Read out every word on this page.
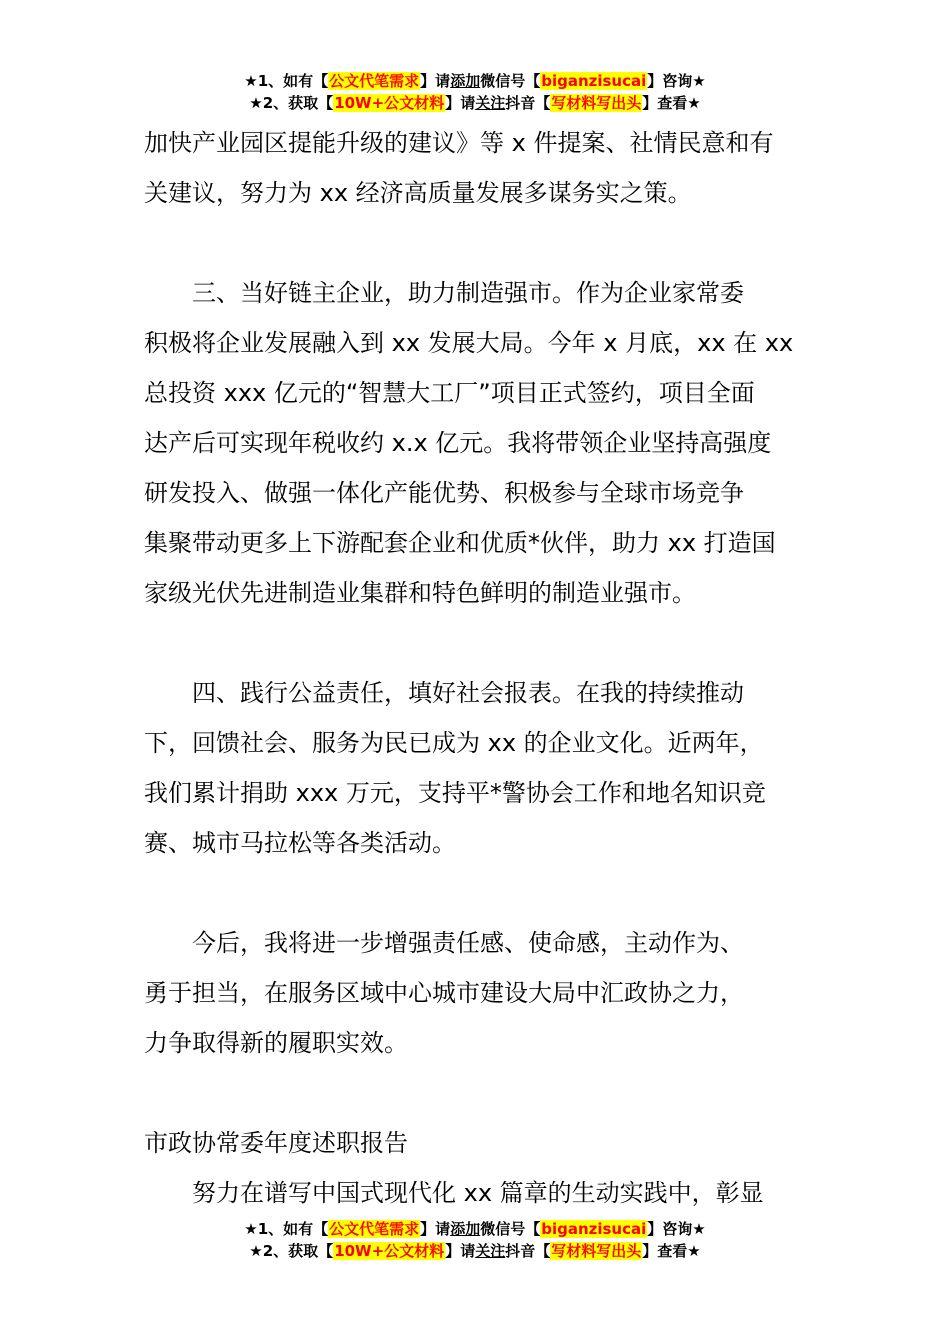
★1、如有【公文代笔需求】请添加微信号【biganzisucai】咨询★
★2、获取【10W+公文材料】请关注抖音【写材料写出头】查看★

加快产业园区提能升级的建议》等 x 件提案、社情民意和有

关建议，努力为 xx 经济高质量发展多谋务实之策。

　　三、当好链主企业，助力制造强市。作为企业家常委

积极将企业发展融入到 xx 发展大局。今年 x 月底，xx 在 xx

总投资 xxx 亿元的“智慧大工厂”项目正式签约，项目全面

达产后可实现年税收约 x.x 亿元。我将带领企业坚持高强度

研发投入、做强一体化产能优势、积极参与全球市场竞争

集聚带动更多上下游配套企业和优质*伙伴，助力 xx 打造国

家级光伏先进制造业集群和特色鲜明的制造业强市。

　　四、践行公益责任，填好社会报表。在我的持续推动

下，回馈社会、服务为民已成为 xx 的企业文化。近两年，

我们累计捐助 xxx 万元，支持平*警协会工作和地名知识竞

赛、城市马拉松等各类活动。

　　今后，我将进一步增强责任感、使命感，主动作为、

勇于担当，在服务区域中心城市建设大局中汇政协之力，

力争取得新的履职实效。

市政协常委年度述职报告

　　努力在谱写中国式现代化 xx 篇章的生动实践中，彰显

★1、如有【公文代笔需求】请添加微信号【biganzisucai】咨询★
★2、获取【10W+公文材料】请关注抖音【写材料写出头】查看★
